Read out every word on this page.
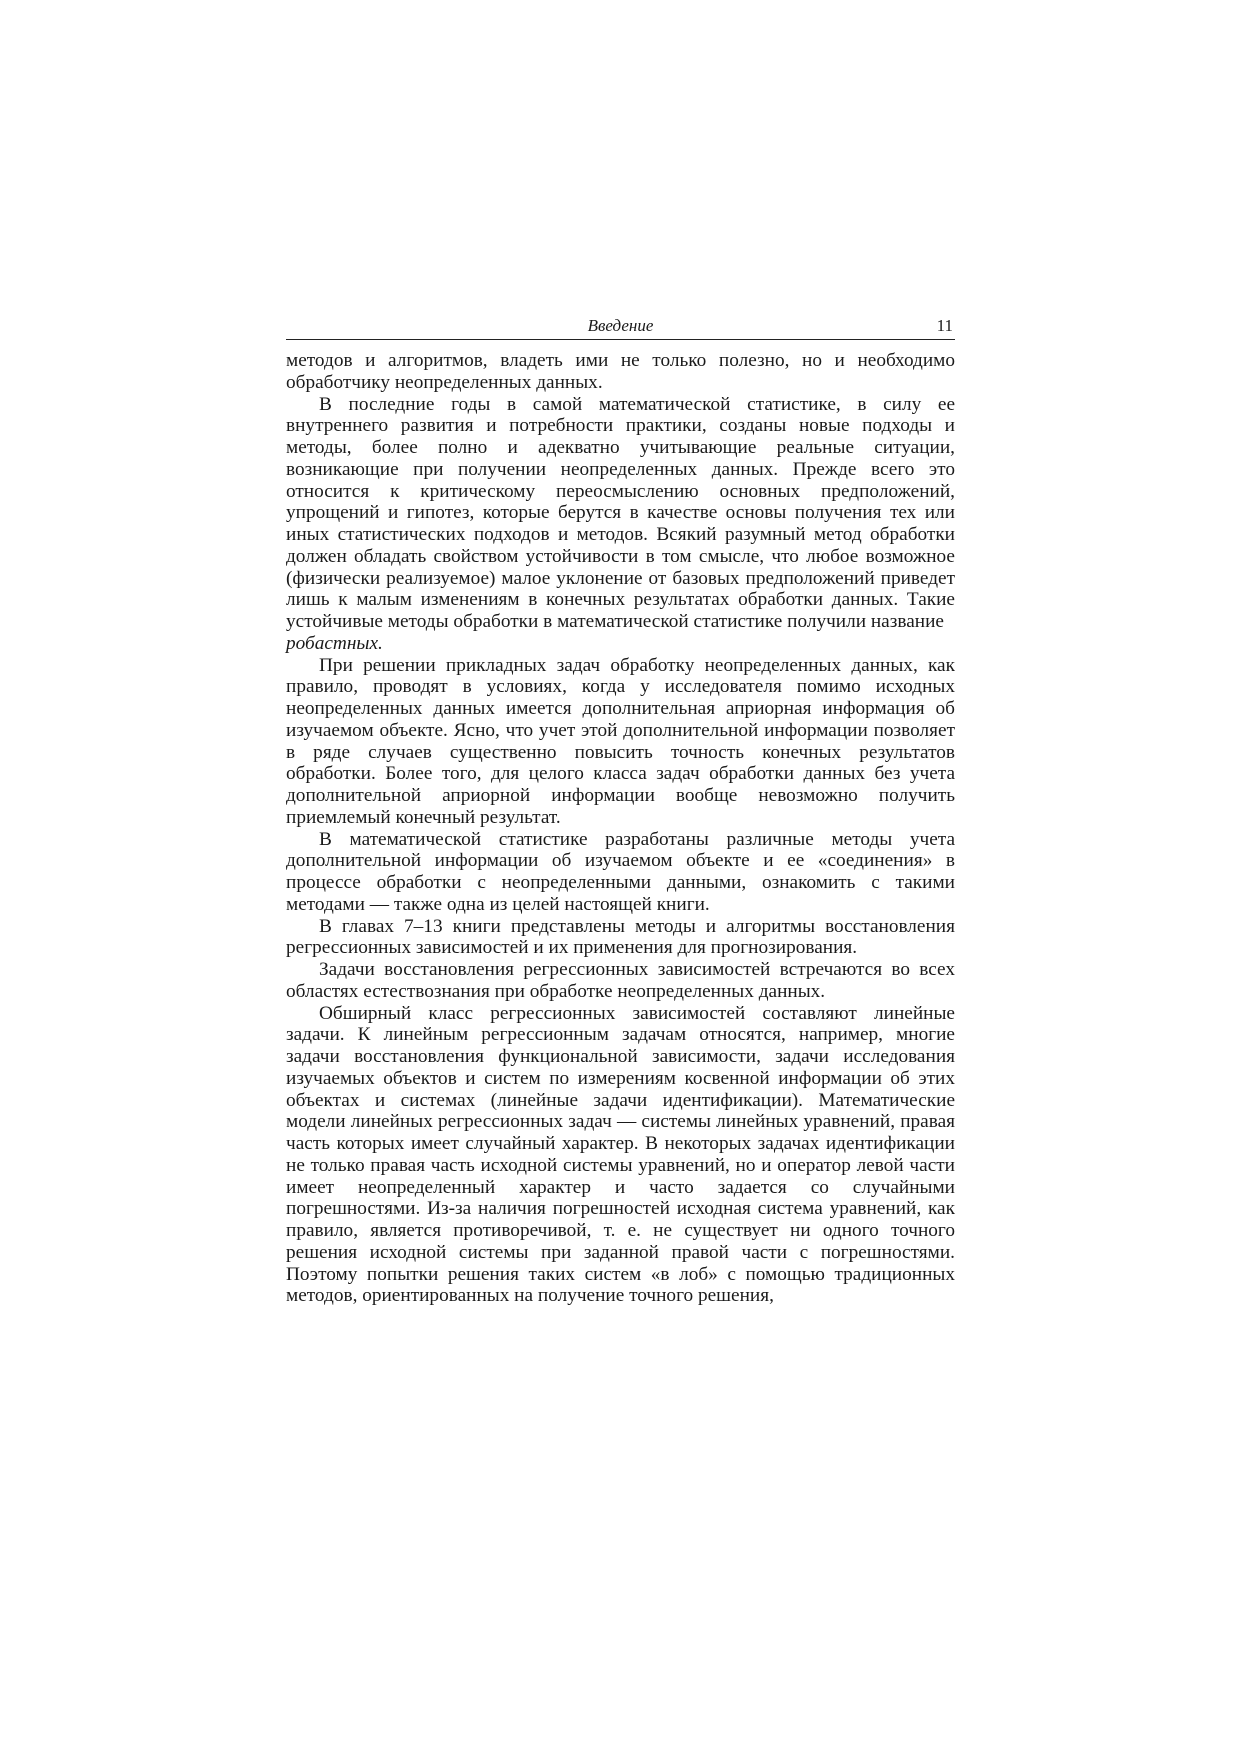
Введение	11

методов и алгоритмов, владеть ими не только полезно, но и необходимо обработчику неопределенных данных.

В последние годы в самой математической статистике, в силу ее внутреннего развития и потребности практики, созданы новые подходы и методы, более полно и адекватно учитывающие реальные ситуации, возникающие при получении неопределенных данных. Прежде всего это относится к критическому переосмыслению основных предположений, упрощений и гипотез, которые берутся в качестве основы получения тех или иных статистических подходов и методов. Всякий разумный метод обработки должен обладать свойством устойчивости в том смысле, что любое возможное (физически реализуемое) малое уклонение от базовых предположений приведет лишь к малым изменениям в конечных результатах обработки данных. Такие устойчивые методы обработки в математической статистике получили название
робастных.

При решении прикладных задач обработку неопределенных данных, как правило, проводят в условиях, когда у исследователя помимо исходных неопределенных данных имеется дополнительная априорная информация об изучаемом объекте. Ясно, что учет этой дополнительной информации позволяет в ряде случаев существенно повысить точность конечных результатов обработки. Более того, для целого класса задач обработки данных без учета дополнительной априорной информации вообще невозможно получить приемлемый конечный результат.

В математической статистике разработаны различные методы учета дополнительной информации об изучаемом объекте и ее «соединения» в процессе обработки с неопределенными данными, ознакомить с такими методами — также одна из целей настоящей книги.

В главах 7–13 книги представлены методы и алгоритмы восстановления регрессионных зависимостей и их применения для прогнозирования.

Задачи восстановления регрессионных зависимостей встречаются во всех областях естествознания при обработке неопределенных данных.

Обширный класс регрессионных зависимостей составляют линейные задачи. К линейным регрессионным задачам относятся, например, многие задачи восстановления функциональной зависимости, задачи исследования изучаемых объектов и систем по измерениям косвенной информации об этих объектах и системах (линейные задачи идентификации). Математические модели линейных регрессионных задач — системы линейных уравнений, правая часть которых имеет случайный характер. В некоторых задачах идентификации не только правая часть исходной системы уравнений, но и оператор левой части имеет неопределенный характер и часто задается со случайными погрешностями. Из-за наличия погрешностей исходная система уравнений, как правило, является противоречивой, т. е. не существует ни одного точного решения исходной системы при заданной правой части с погрешностями. Поэтому попытки решения таких систем «в лоб» с помощью традиционных методов, ориентированных на получение точного решения,
